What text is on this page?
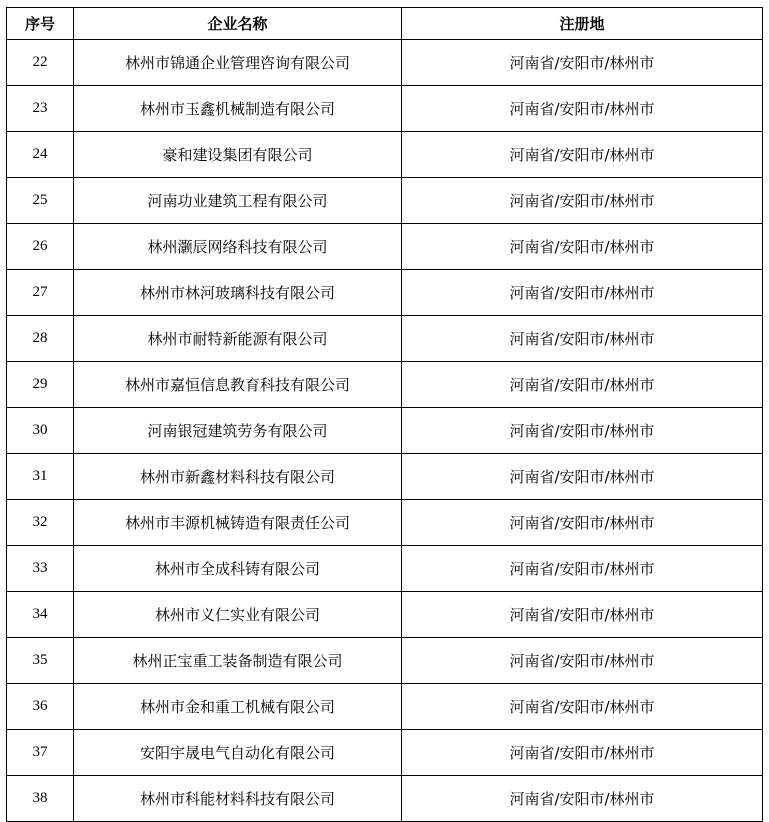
序号	企业名称	注册地
22	林州市锦通企业管理咨询有限公司	河南省/安阳市/林州市
23	林州市玉鑫机械制造有限公司	河南省/安阳市/林州市
24	豪和建设集团有限公司	河南省/安阳市/林州市
25	河南功业建筑工程有限公司	河南省/安阳市/林州市
26	林州灏辰网络科技有限公司	河南省/安阳市/林州市
27	林州市林河玻璃科技有限公司	河南省/安阳市/林州市
28	林州市耐特新能源有限公司	河南省/安阳市/林州市
29	林州市嘉恒信息教育科技有限公司	河南省/安阳市/林州市
30	河南银冠建筑劳务有限公司	河南省/安阳市/林州市
31	林州市新鑫材料科技有限公司	河南省/安阳市/林州市
32	林州市丰源机械铸造有限责任公司	河南省/安阳市/林州市
33	林州市全成科铸有限公司	河南省/安阳市/林州市
34	林州市义仁实业有限公司	河南省/安阳市/林州市
35	林州正宝重工装备制造有限公司	河南省/安阳市/林州市
36	林州市金和重工机械有限公司	河南省/安阳市/林州市
37	安阳宇晟电气自动化有限公司	河南省/安阳市/林州市
38	林州市科能材料科技有限公司	河南省/安阳市/林州市
